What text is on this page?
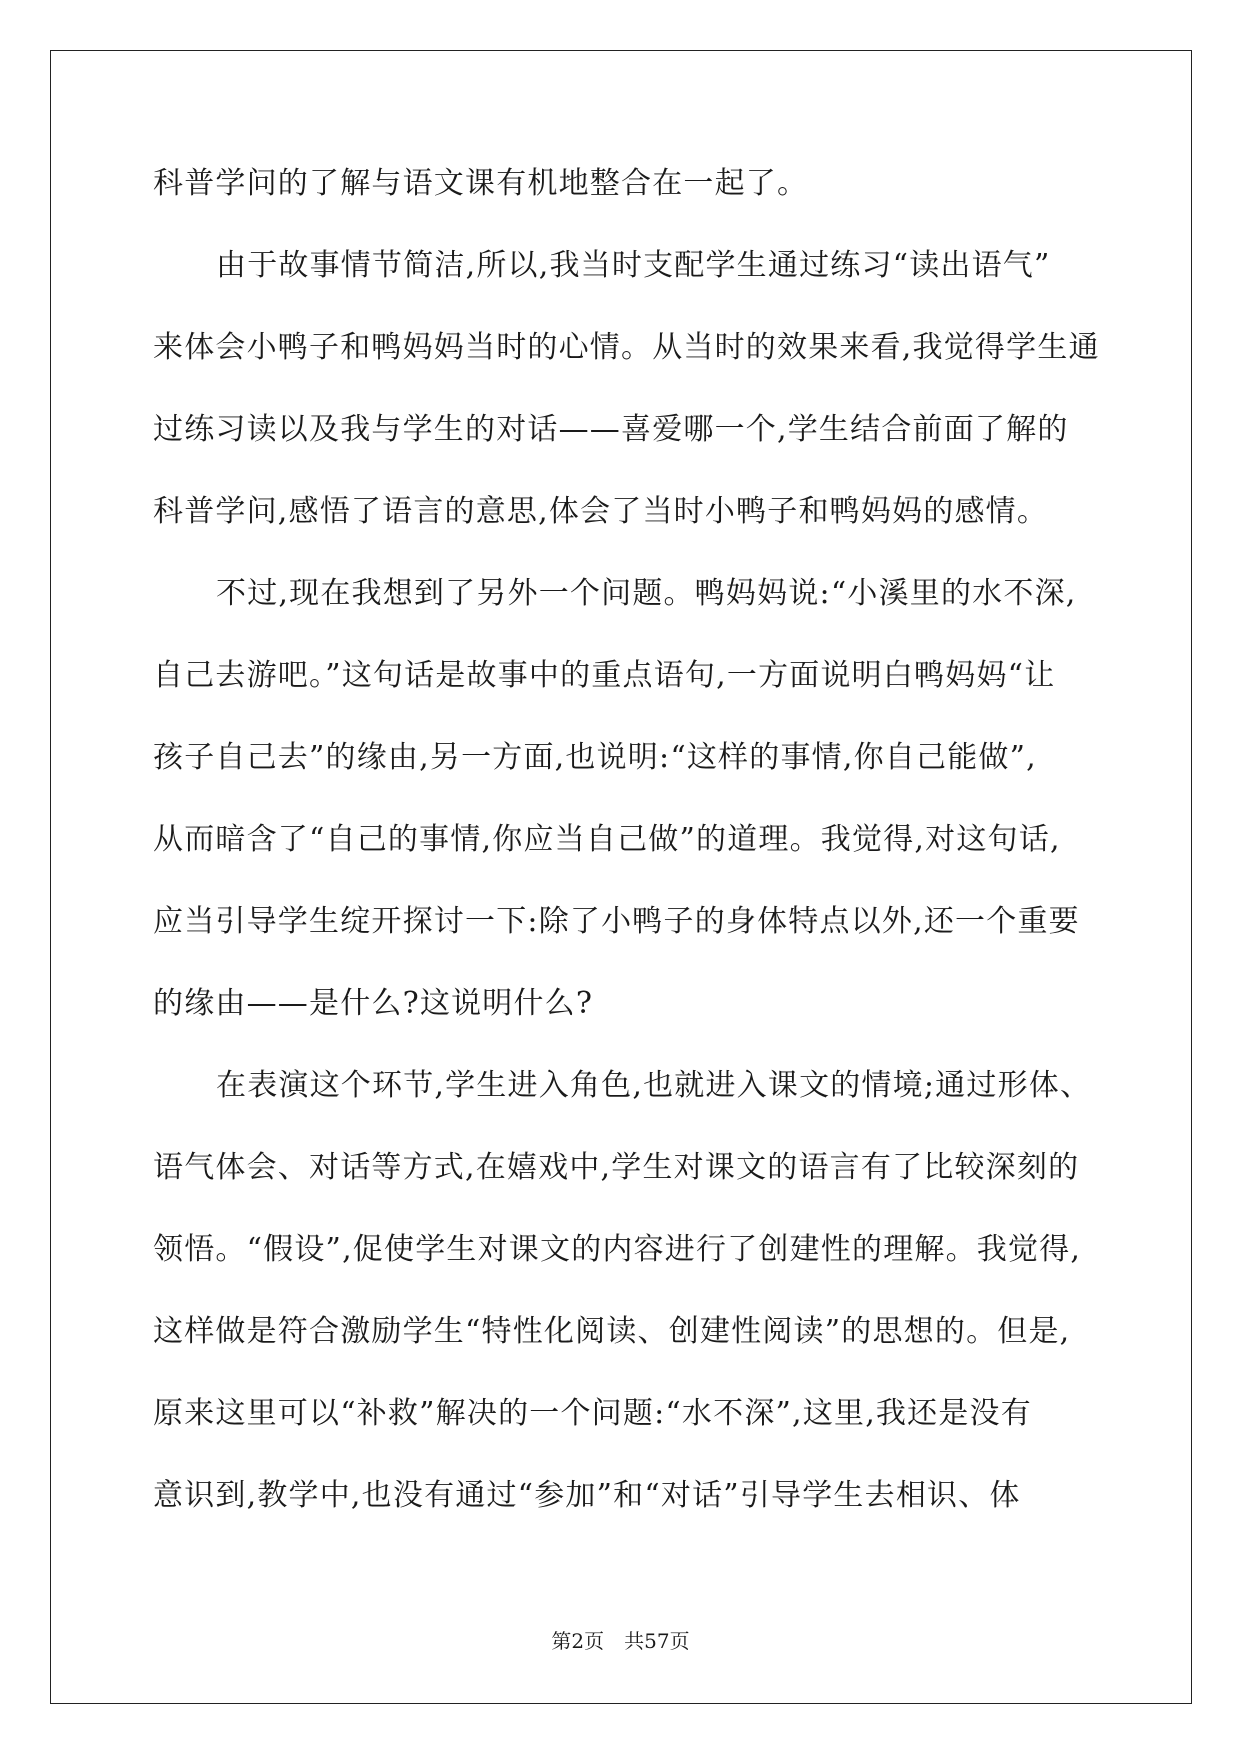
科普学问的了解与语文课有机地整合在一起了。
由于故事情节简洁,所以,我当时支配学生通过练习“读出语气”
来体会小鸭子和鸭妈妈当时的心情。从当时的效果来看,我觉得学生通
过练习读以及我与学生的对话——喜爱哪一个,学生结合前面了解的
科普学问,感悟了语言的意思,体会了当时小鸭子和鸭妈妈的感情。
不过,现在我想到了另外一个问题。鸭妈妈说:“小溪里的水不深,
自己去游吧。”这句话是故事中的重点语句,一方面说明白鸭妈妈“让
孩子自己去”的缘由,另一方面,也说明:“这样的事情,你自己能做”,
从而暗含了“自己的事情,你应当自己做”的道理。我觉得,对这句话,
应当引导学生绽开探讨一下:除了小鸭子的身体特点以外,还一个重要
的缘由——是什么?这说明什么?
在表演这个环节,学生进入角色,也就进入课文的情境;通过形体、
语气体会、对话等方式,在嬉戏中,学生对课文的语言有了比较深刻的
领悟。“假设”,促使学生对课文的内容进行了创建性的理解。我觉得,
这样做是符合激励学生“特性化阅读、创建性阅读”的思想的。但是,
原来这里可以“补救”解决的一个问题:“水不深”,这里,我还是没有
意识到,教学中,也没有通过“参加”和“对话”引导学生去相识、体
第2页　共57页
